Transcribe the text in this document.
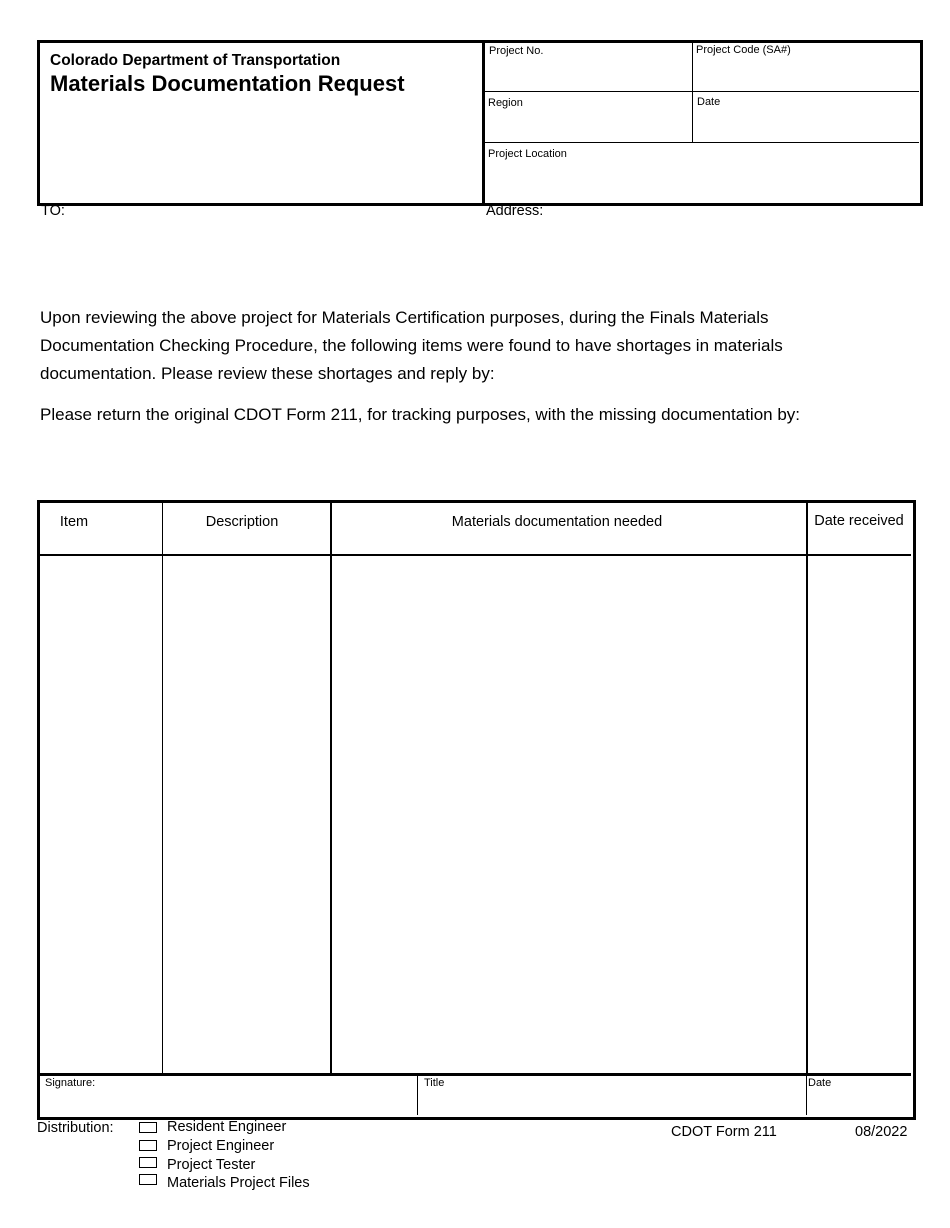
Colorado Department of Transportation
Materials Documentation Request
Project No.	Project Code (SA#)
Region	Date
Project Location
TO:	Address:
Upon reviewing the above project for Materials Certification purposes, during the Finals Materials
Documentation Checking Procedure, the following items were found to have shortages in materials
documentation. Please review these shortages and reply by:
Please return the original CDOT Form 211, for tracking purposes, with the missing documentation by:
Item	Description	Materials documentation needed	Date received
Signature:	Title	Date
Distribution:	Resident Engineer
Project Engineer
Project Tester
Materials Project Files
CDOT Form 211	08/2022
